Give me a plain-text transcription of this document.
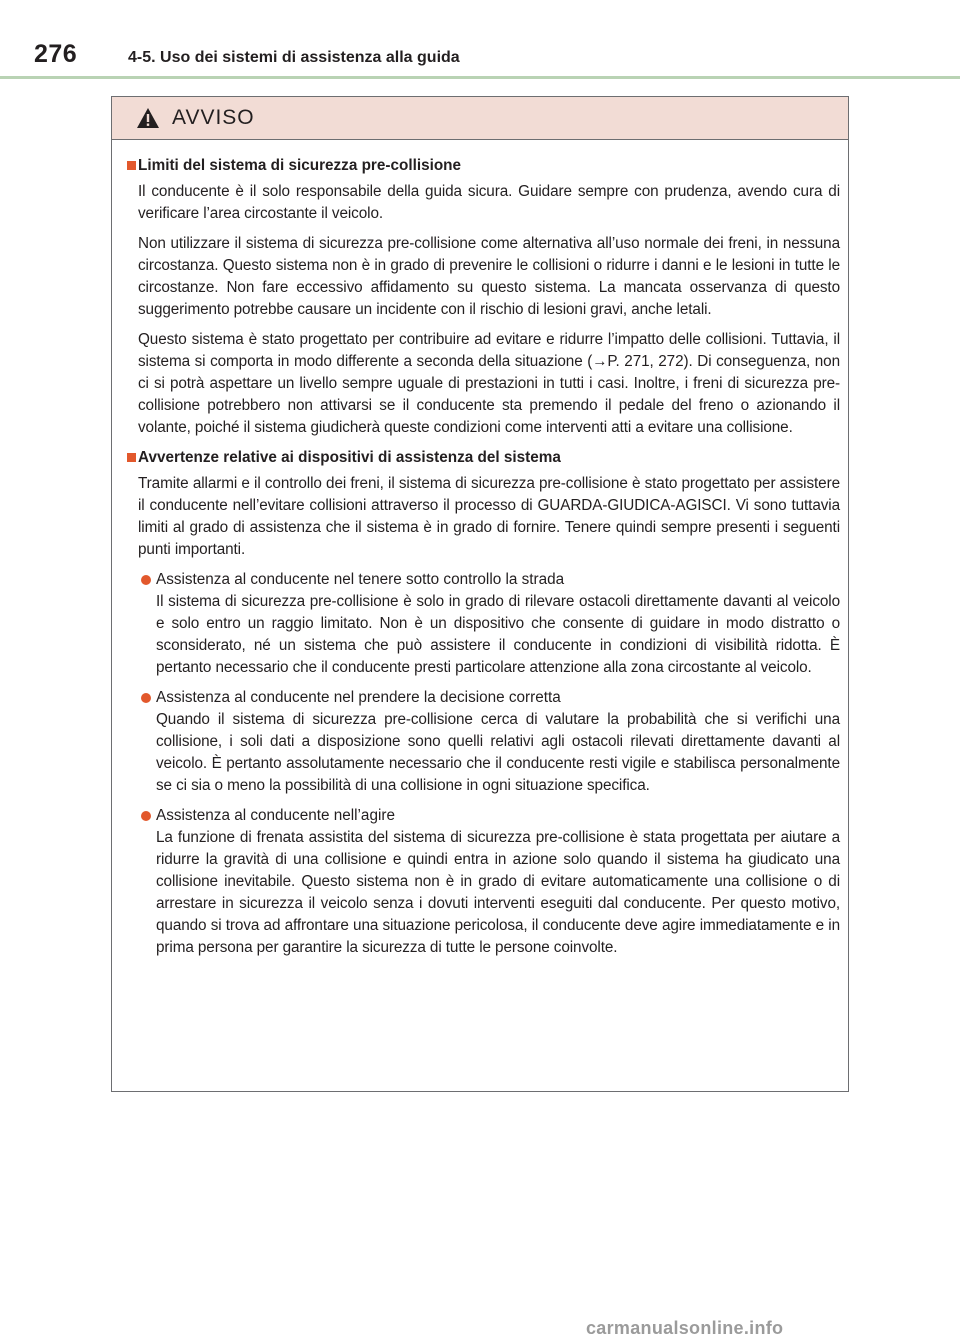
276	4-5. Uso dei sistemi di assistenza alla guida
AVVISO
Limiti del sistema di sicurezza pre-collisione

Il conducente è il solo responsabile della guida sicura. Guidare sempre con prudenza, avendo cura di verificare l’area circostante il veicolo.

Non utilizzare il sistema di sicurezza pre-collisione come alternativa all’uso normale dei freni, in nessuna circostanza. Questo sistema non è in grado di prevenire le collisioni o ridurre i danni e le lesioni in tutte le circostanze. Non fare eccessivo affidamento su questo sistema. La mancata osservanza di questo suggerimento potrebbe causare un incidente con il rischio di lesioni gravi, anche letali.

Questo sistema è stato progettato per contribuire ad evitare e ridurre l’impatto delle collisioni. Tuttavia, il sistema si comporta in modo differente a seconda della situazione (→P. 271, 272). Di conseguenza, non ci si potrà aspettare un livello sempre uguale di prestazioni in tutti i casi. Inoltre, i freni di sicurezza pre-collisione potrebbero non attivarsi se il conducente sta premendo il pedale del freno o azionando il volante, poiché il sistema giudicherà queste condizioni come interventi atti a evitare una collisione.

Avvertenze relative ai dispositivi di assistenza del sistema

Tramite allarmi e il controllo dei freni, il sistema di sicurezza pre-collisione è stato progettato per assistere il conducente nell’evitare collisioni attraverso il processo di GUARDA-GIUDICA-AGISCI. Vi sono tuttavia limiti al grado di assistenza che il sistema è in grado di fornire. Tenere quindi sempre presenti i seguenti punti importanti.

Assistenza al conducente nel tenere sotto controllo la strada
Il sistema di sicurezza pre-collisione è solo in grado di rilevare ostacoli direttamente davanti al veicolo e solo entro un raggio limitato. Non è un dispositivo che consente di guidare in modo distratto o sconsiderato, né un sistema che può assistere il conducente in condizioni di visibilità ridotta. È pertanto necessario che il conducente presti particolare attenzione alla zona circostante al veicolo.
Assistenza al conducente nel prendere la decisione corretta
Quando il sistema di sicurezza pre-collisione cerca di valutare la probabilità che si verifichi una collisione, i soli dati a disposizione sono quelli relativi agli ostacoli rilevati direttamente davanti al veicolo. È pertanto assolutamente necessario che il conducente resti vigile e stabilisca personalmente se ci sia o meno la possibilità di una collisione in ogni situazione specifica.
Assistenza al conducente nell’agire
La funzione di frenata assistita del sistema di sicurezza pre-collisione è stata progettata per aiutare a ridurre la gravità di una collisione e quindi entra in azione solo quando il sistema ha giudicato una collisione inevitabile. Questo sistema non è in grado di evitare automaticamente una collisione o di arrestare in sicurezza il veicolo senza i dovuti interventi eseguiti dal conducente. Per questo motivo, quando si trova ad affrontare una situazione pericolosa, il conducente deve agire immediatamente e in prima persona per garantire la sicurezza di tutte le persone coinvolte.
carmanualsonline.info
